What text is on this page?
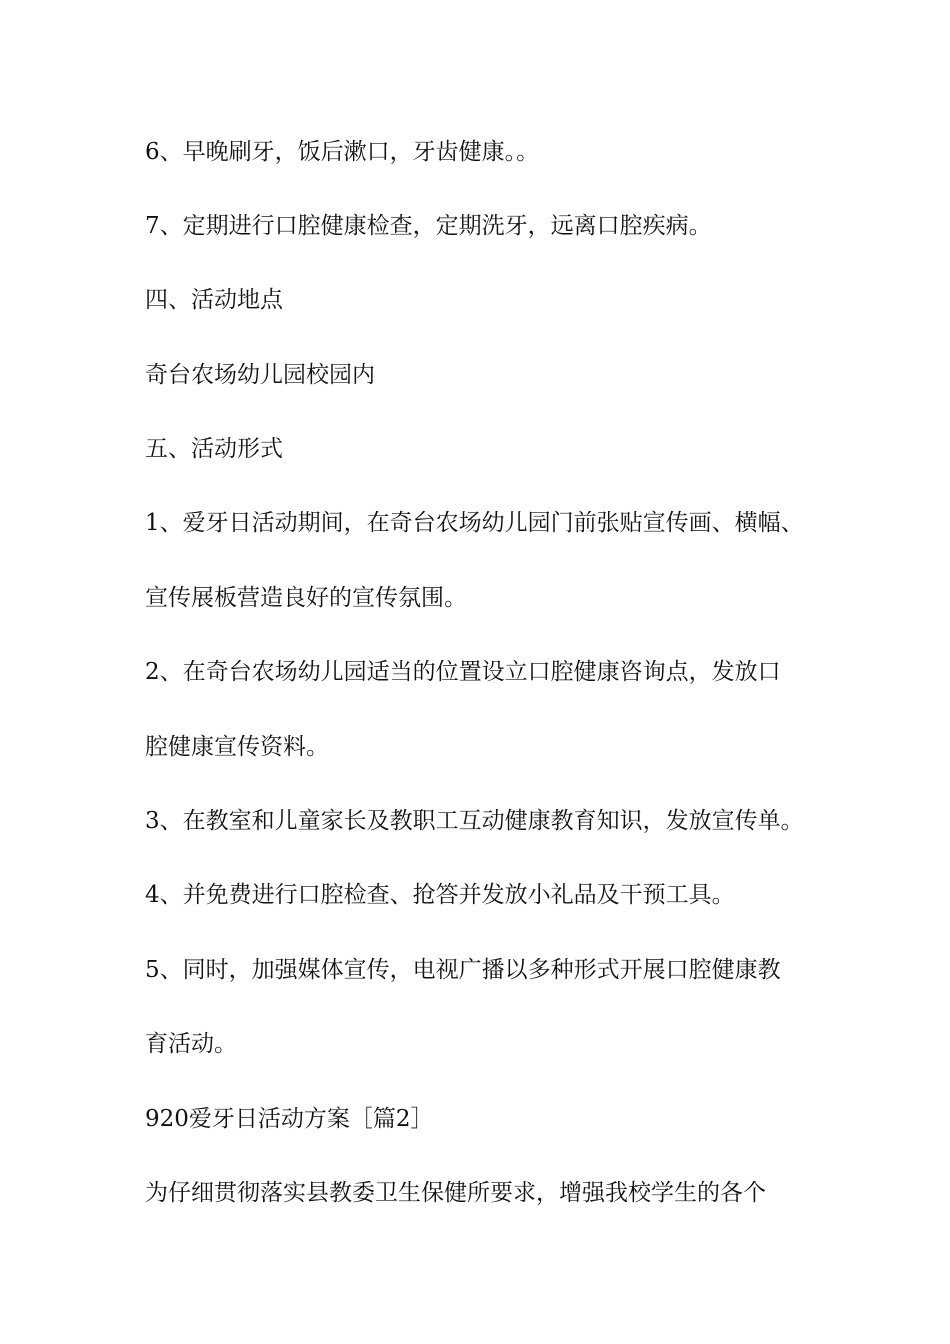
6、早晚刷牙，饭后漱口，牙齿健康。。

7、定期进行口腔健康检查，定期洗牙，远离口腔疾病。

四、活动地点

奇台农场幼儿园校园内

五、活动形式

1、爱牙日活动期间，在奇台农场幼儿园门前张贴宣传画、横幅、

宣传展板营造良好的宣传氛围。

2、在奇台农场幼儿园适当的位置设立口腔健康咨询点，发放口

腔健康宣传资料。

3、在教室和儿童家长及教职工互动健康教育知识，发放宣传单。

4、并免费进行口腔检查、抢答并发放小礼品及干预工具。

5、同时，加强媒体宣传，电视广播以多种形式开展口腔健康教

育活动。

920爱牙日活动方案［篇2］

为仔细贯彻落实县教委卫生保健所要求，增强我校学生的各个
